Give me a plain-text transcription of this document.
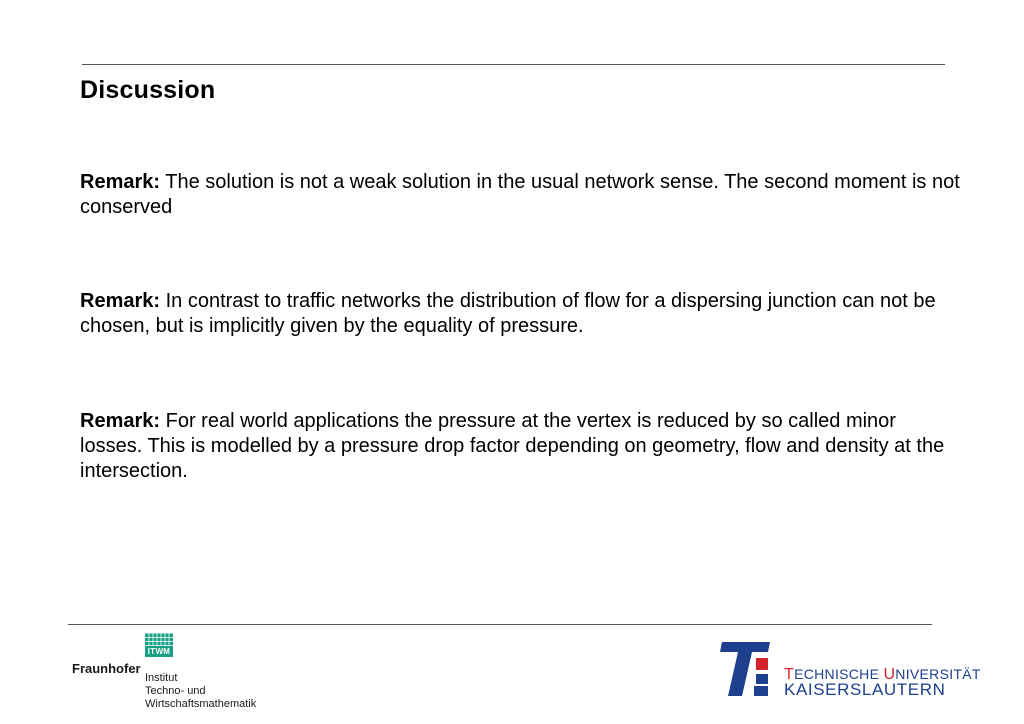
Discussion
Remark: The solution is not a weak solution in the usual network sense. The second moment is not conserved
Remark: In contrast to traffic networks the distribution of flow for a dispersing junction can not be chosen, but is implicitly given by the equality of pressure.
Remark: For real world applications the pressure at the vertex is reduced by so called minor losses. This is modelled by a pressure drop factor depending on geometry, flow and density at the intersection.
ITWM
Fraunhofer
Institut
Techno- und
Wirtschaftsmathematik
TECHNISCHE UNIVERSITÄT
KAISERSLAUTERN
